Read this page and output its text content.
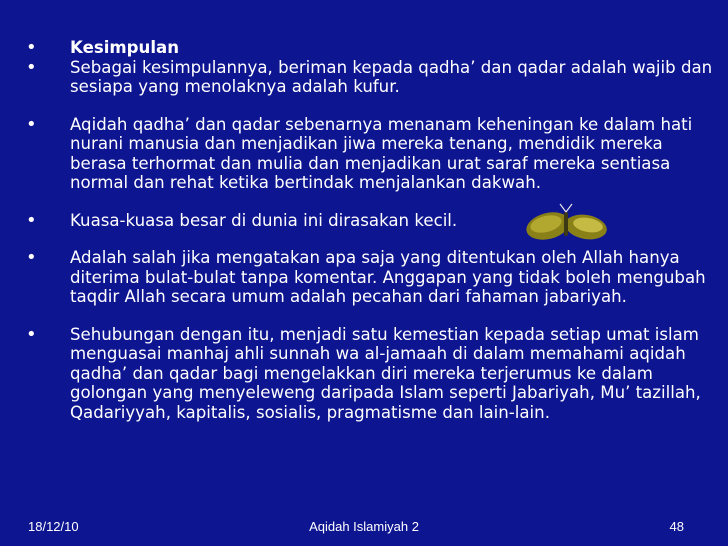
•	Kesimpulan
•	Sebagai kesimpulannya, beriman kepada qadha’ dan qadar adalah wajib dan sesiapa yang menolaknya adalah kufur.
•	Aqidah qadha’ dan qadar sebenarnya menanam keheningan ke dalam hati nurani manusia dan menjadikan jiwa mereka tenang, mendidik mereka berasa terhormat dan mulia dan menjadikan urat saraf mereka sentiasa normal dan rehat ketika bertindak menjalankan dakwah.
•	Kuasa-kuasa besar di dunia ini dirasakan kecil.
•	Adalah salah jika mengatakan apa saja yang ditentukan oleh Allah hanya diterima bulat-bulat tanpa komentar. Anggapan yang tidak boleh mengubah taqdir Allah secara umum adalah pecahan dari fahaman jabariyah.
•	Sehubungan dengan itu, menjadi satu kemestian kepada setiap umat islam menguasai manhaj ahli sunnah wa al-jamaah di dalam memahami aqidah qadha’ dan qadar bagi mengelakkan diri mereka terjerumus ke dalam golongan yang menyeleweng daripada Islam seperti Jabariyah, Mu’ tazillah, Qadariyyah, kapitalis, sosialis, pragmatisme dan lain-lain.
18/12/10	Aqidah Islamiyah 2	48
